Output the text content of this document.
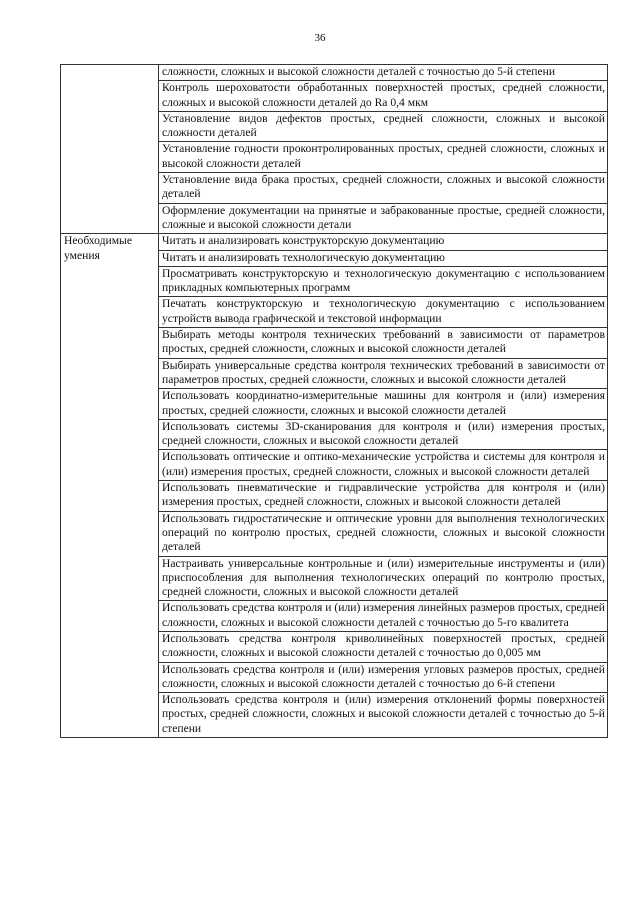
36
	сложности, сложных и высокой сложности деталей с точностью до 5-й степени
	Контроль шероховатости обработанных поверхностей простых, средней сложности, сложных и высокой сложности деталей до Ra 0,4 мкм
	Установление видов дефектов простых, средней сложности, сложных и высокой сложности деталей
	Установление годности проконтролированных простых, средней сложности, сложных и высокой сложности деталей
	Установление вида брака простых, средней сложности, сложных и высокой сложности деталей
	Оформление документации на принятые и забракованные простые, средней сложности, сложные и высокой сложности детали
Необходимые умения	Читать и анализировать конструкторскую документацию
	Читать и анализировать технологическую документацию
	Просматривать конструкторскую и технологическую документацию с использованием прикладных компьютерных программ
	Печатать конструкторскую и технологическую документацию с использованием устройств вывода графической и текстовой информации
	Выбирать методы контроля технических требований в зависимости от параметров простых, средней сложности, сложных и высокой сложности деталей
	Выбирать универсальные средства контроля технических требований в зависимости от параметров простых, средней сложности, сложных и высокой сложности деталей
	Использовать координатно-измерительные машины для контроля и (или) измерения простых, средней сложности, сложных и высокой сложности деталей
	Использовать системы 3D-сканирования для контроля и (или) измерения простых, средней сложности, сложных и высокой сложности деталей
	Использовать оптические и оптико-механические устройства и системы для контроля и (или) измерения простых, средней сложности, сложных и высокой сложности деталей
	Использовать пневматические и гидравлические устройства для контроля и (или) измерения простых, средней сложности, сложных и высокой сложности деталей
	Использовать гидростатические и оптические уровни для выполнения технологических операций по контролю простых, средней сложности, сложных и высокой сложности деталей
	Настраивать универсальные контрольные и (или) измерительные инструменты и (или) приспособления для выполнения технологических операций по контролю простых, средней сложности, сложных и высокой сложности деталей
	Использовать средства контроля и (или) измерения линейных размеров простых, средней сложности, сложных и высокой сложности деталей с точностью до 5-го квалитета
	Использовать средства контроля криволинейных поверхностей простых, средней сложности, сложных и высокой сложности деталей с точностью до 0,005 мм
	Использовать средства контроля и (или) измерения угловых размеров простых, средней сложности, сложных и высокой сложности деталей с точностью до 6-й степени
	Использовать средства контроля и (или) измерения отклонений формы поверхностей простых, средней сложности, сложных и высокой сложности деталей с точностью до 5-й степени
